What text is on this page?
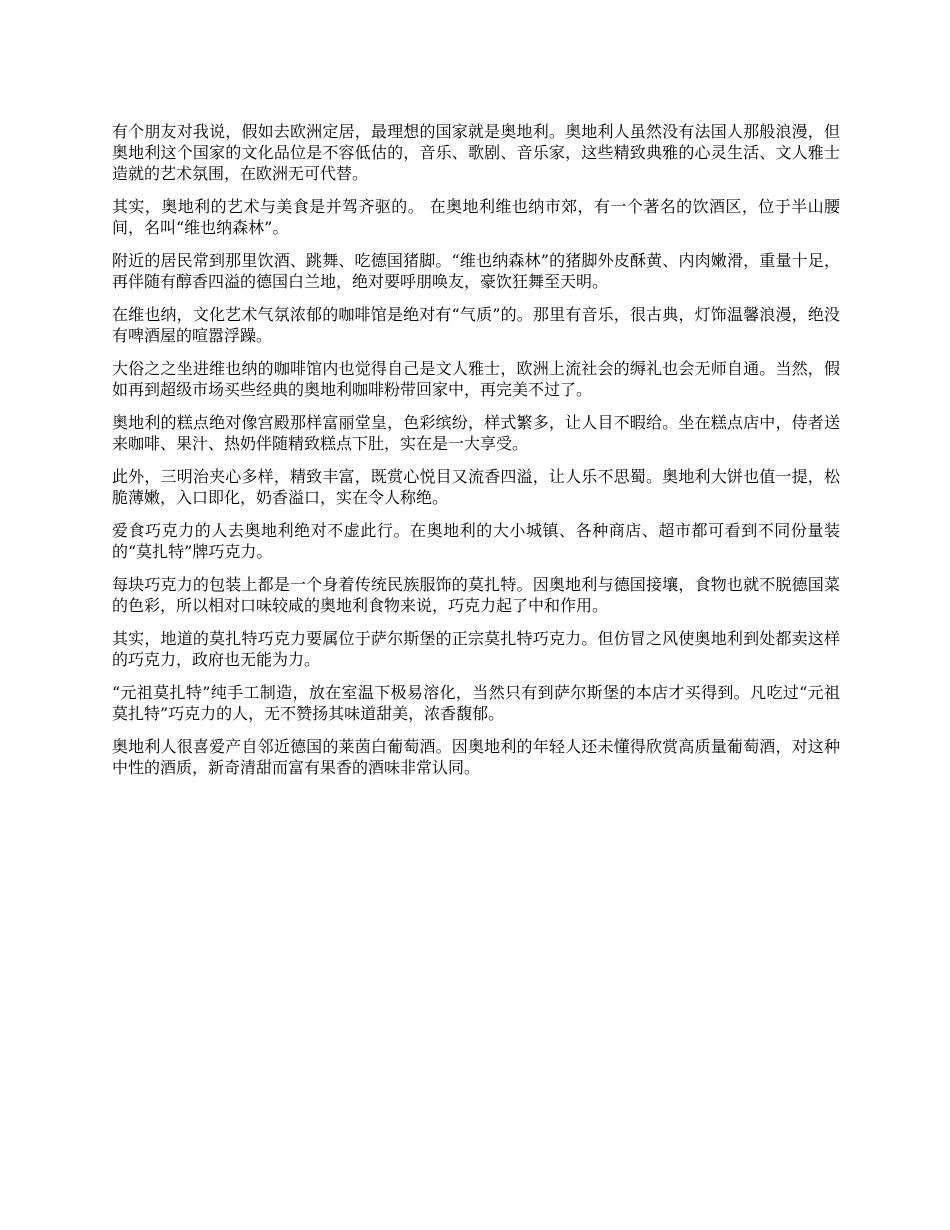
有个朋友对我说，假如去欧洲定居，最理想的国家就是奥地利。奥地利人虽然没有法国人那般浪漫，但奥地利这个国家的文化品位是不容低估的，音乐、歌剧、音乐家，这些精致典雅的心灵生活、文人雅士造就的艺术氛围，在欧洲无可代替。

其实，奥地利的艺术与美食是并驾齐驱的。 在奥地利维也纳市郊，有一个著名的饮酒区，位于半山腰间，名叫“维也纳森林”。

附近的居民常到那里饮酒、跳舞、吃德国猪脚。“维也纳森林”的猪脚外皮酥黄、内肉嫩滑，重量十足，再伴随有醇香四溢的德国白兰地，绝对要呼朋唤友，豪饮狂舞至天明。

在维也纳，文化艺术气氛浓郁的咖啡馆是绝对有“气质”的。那里有音乐，很古典，灯饰温馨浪漫，绝没有啤酒屋的喧嚣浮躁。

大俗之之坐进维也纳的咖啡馆内也觉得自己是文人雅士，欧洲上流社会的缛礼也会无师自通。当然，假如再到超级市场买些经典的奥地利咖啡粉带回家中，再完美不过了。

奥地利的糕点绝对像宫殿那样富丽堂皇，色彩缤纷，样式繁多，让人目不暇给。坐在糕点店中，侍者送来咖啡、果汁、热奶伴随精致糕点下肚，实在是一大享受。

此外，三明治夹心多样，精致丰富，既赏心悦目又流香四溢，让人乐不思蜀。奥地利大饼也值一提，松脆薄嫩，入口即化，奶香溢口，实在令人称绝。

爱食巧克力的人去奥地利绝对不虚此行。在奥地利的大小城镇、各种商店、超市都可看到不同份量装的“莫扎特”牌巧克力。

每块巧克力的包装上都是一个身着传统民族服饰的莫扎特。因奥地利与德国接壤，食物也就不脱德国菜的色彩，所以相对口味较咸的奥地利食物来说，巧克力起了中和作用。

其实，地道的莫扎特巧克力要属位于萨尔斯堡的正宗莫扎特巧克力。但仿冒之风使奥地利到处都卖这样的巧克力，政府也无能为力。

“元祖莫扎特”纯手工制造，放在室温下极易溶化，当然只有到萨尔斯堡的本店才买得到。凡吃过“元祖莫扎特”巧克力的人，无不赞扬其味道甜美，浓香馥郁。

奥地利人很喜爱产自邻近德国的莱茵白葡萄酒。因奥地利的年轻人还未懂得欣赏高质量葡萄酒，对这种中性的酒质，新奇清甜而富有果香的酒味非常认同。
